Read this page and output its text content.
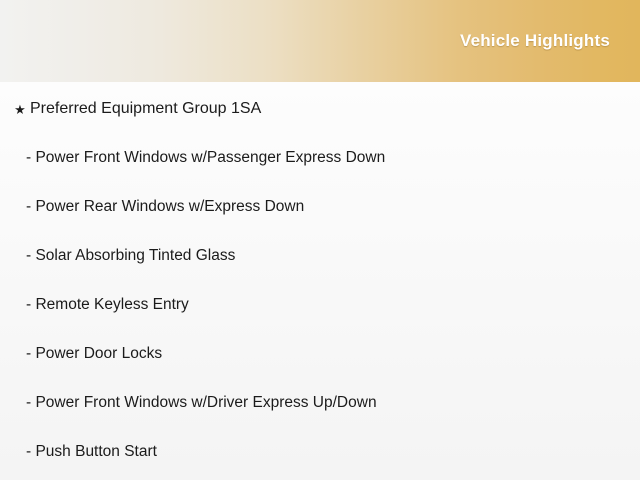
Vehicle Highlights
★ Preferred Equipment Group 1SA
- Power Front Windows w/Passenger Express Down
- Power Rear Windows w/Express Down
- Solar Absorbing Tinted Glass
- Remote Keyless Entry
- Power Door Locks
- Power Front Windows w/Driver Express Up/Down
- Push Button Start
